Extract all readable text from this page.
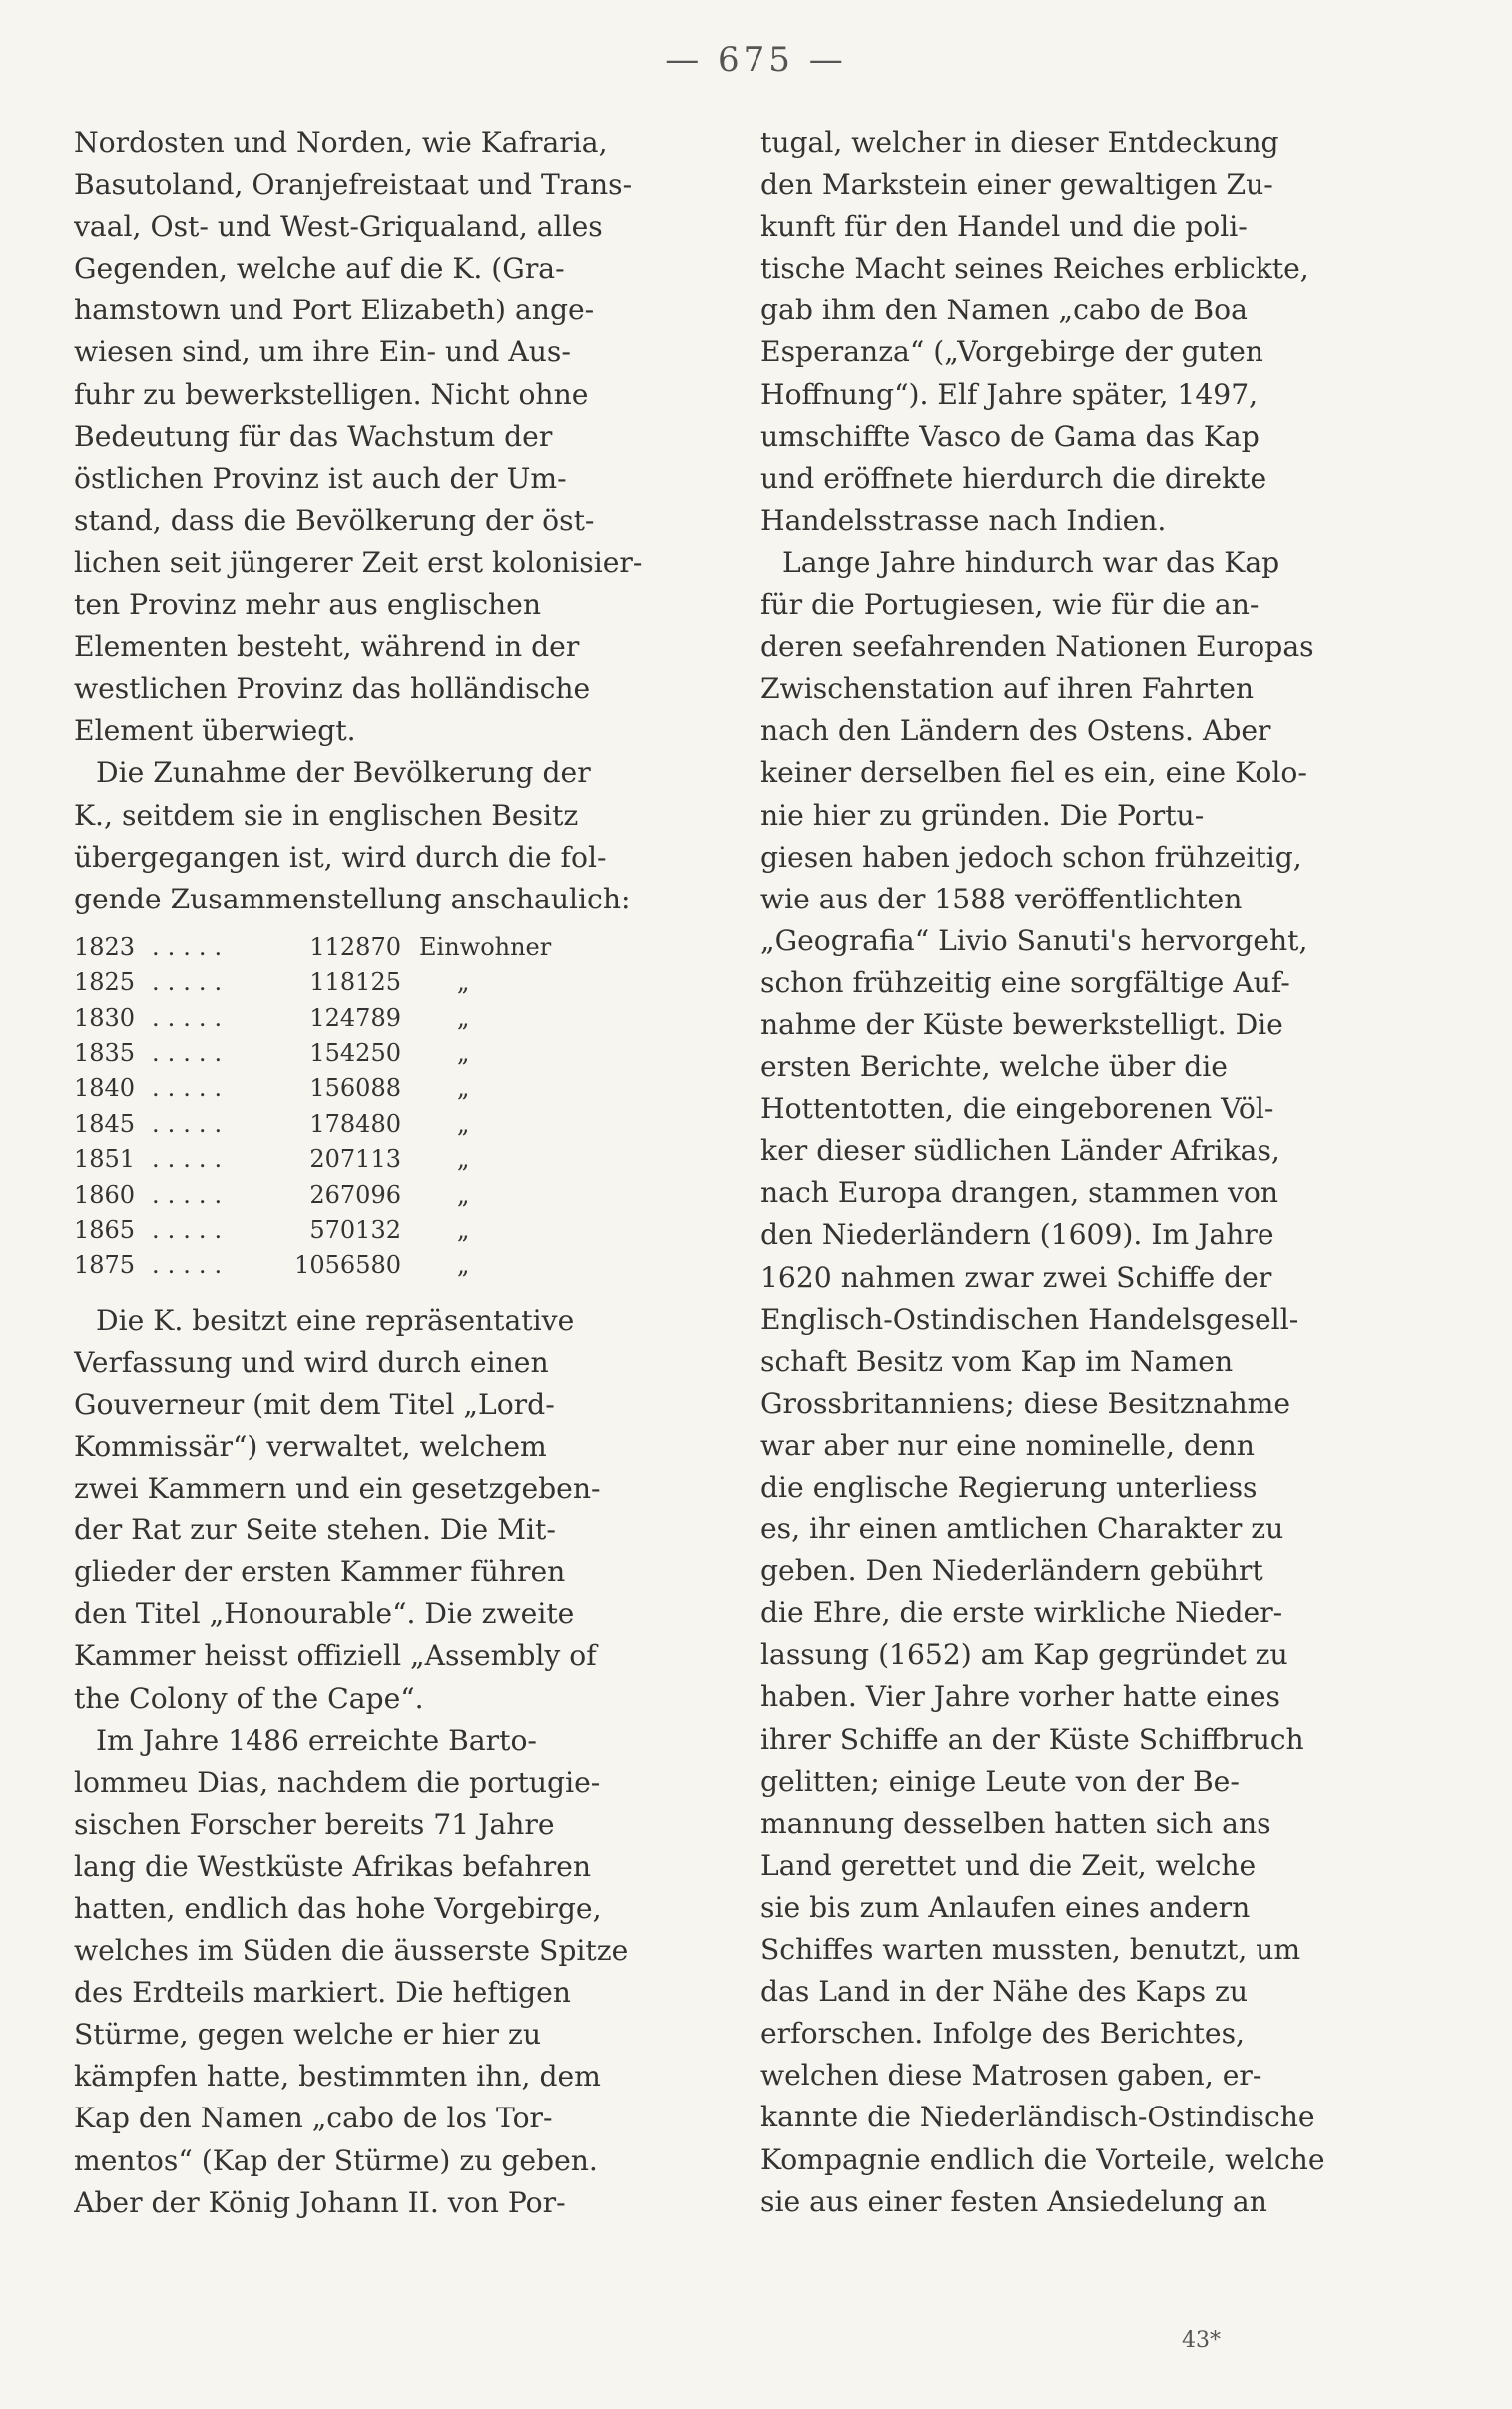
— 675 —
Nordosten und Norden, wie Kafraria,
Basutoland, Oranjefreistaat und Trans-
vaal, Ost- und West-Griqualand, alles
Gegenden, welche auf die K. (Gra-
hamstown und Port Elizabeth) ange-
wiesen sind, um ihre Ein- und Aus-
fuhr zu bewerkstelligen. Nicht ohne
Bedeutung für das Wachstum der
östlichen Provinz ist auch der Um-
stand, dass die Bevölkerung der öst-
lichen seit jüngerer Zeit erst kolonisier-
ten Provinz mehr aus englischen
Elementen besteht, während in der
westlichen Provinz das holländische
Element überwiegt.
Die Zunahme der Bevölkerung der
K., seitdem sie in englischen Besitz
übergegangen ist, wird durch die fol-
gende Zusammenstellung anschaulich:
1823 .....	112870 Einwohner
1825 .....	118125	„
1830 .....	124789	„
1835 .....	154250	„
1840 .....	156088	„
1845 .....	178480	„
1851 .....	207113	„
1860 .....	267096	„
1865 .....	570132	„
1875 .....	1056580	„
Die K. besitzt eine repräsentative
Verfassung und wird durch einen
Gouverneur (mit dem Titel „Lord-
Kommissär“) verwaltet, welchem
zwei Kammern und ein gesetzgeben-
der Rat zur Seite stehen. Die Mit-
glieder der ersten Kammer führen
den Titel „Honourable“. Die zweite
Kammer heisst offiziell „Assembly of
the Colony of the Cape“.
Im Jahre 1486 erreichte Barto-
lommeu Dias, nachdem die portugie-
sischen Forscher bereits 71 Jahre
lang die Westküste Afrikas befahren
hatten, endlich das hohe Vorgebirge,
welches im Süden die äusserste Spitze
des Erdteils markiert. Die heftigen
Stürme, gegen welche er hier zu
kämpfen hatte, bestimmten ihn, dem
Kap den Namen „cabo de los Tor-
mentos“ (Kap der Stürme) zu geben.
Aber der König Johann II. von Por-
tugal, welcher in dieser Entdeckung
den Markstein einer gewaltigen Zu-
kunft für den Handel und die poli-
tische Macht seines Reiches erblickte,
gab ihm den Namen „cabo de Boa
Esperanza“ („Vorgebirge der guten
Hoffnung“). Elf Jahre später, 1497,
umschiffte Vasco de Gama das Kap
und eröffnete hierdurch die direkte
Handelsstrasse nach Indien.
Lange Jahre hindurch war das Kap
für die Portugiesen, wie für die an-
deren seefahrenden Nationen Europas
Zwischenstation auf ihren Fahrten
nach den Ländern des Ostens. Aber
keiner derselben fiel es ein, eine Kolo-
nie hier zu gründen. Die Portu-
giesen haben jedoch schon frühzeitig,
wie aus der 1588 veröffentlichten
„Geografia“ Livio Sanuti's hervorgeht,
schon frühzeitig eine sorgfältige Auf-
nahme der Küste bewerkstelligt. Die
ersten Berichte, welche über die
Hottentotten, die eingeborenen Völ-
ker dieser südlichen Länder Afrikas,
nach Europa drangen, stammen von
den Niederländern (1609). Im Jahre
1620 nahmen zwar zwei Schiffe der
Englisch-Ostindischen Handelsgesell-
schaft Besitz vom Kap im Namen
Grossbritanniens; diese Besitznahme
war aber nur eine nominelle, denn
die englische Regierung unterliess
es, ihr einen amtlichen Charakter zu
geben. Den Niederländern gebührt
die Ehre, die erste wirkliche Nieder-
lassung (1652) am Kap gegründet zu
haben. Vier Jahre vorher hatte eines
ihrer Schiffe an der Küste Schiffbruch
gelitten; einige Leute von der Be-
mannung desselben hatten sich ans
Land gerettet und die Zeit, welche
sie bis zum Anlaufen eines andern
Schiffes warten mussten, benutzt, um
das Land in der Nähe des Kaps zu
erforschen. Infolge des Berichtes,
welchen diese Matrosen gaben, er-
kannte die Niederländisch-Ostindische
Kompagnie endlich die Vorteile, welche
sie aus einer festen Ansiedelung an
43*
